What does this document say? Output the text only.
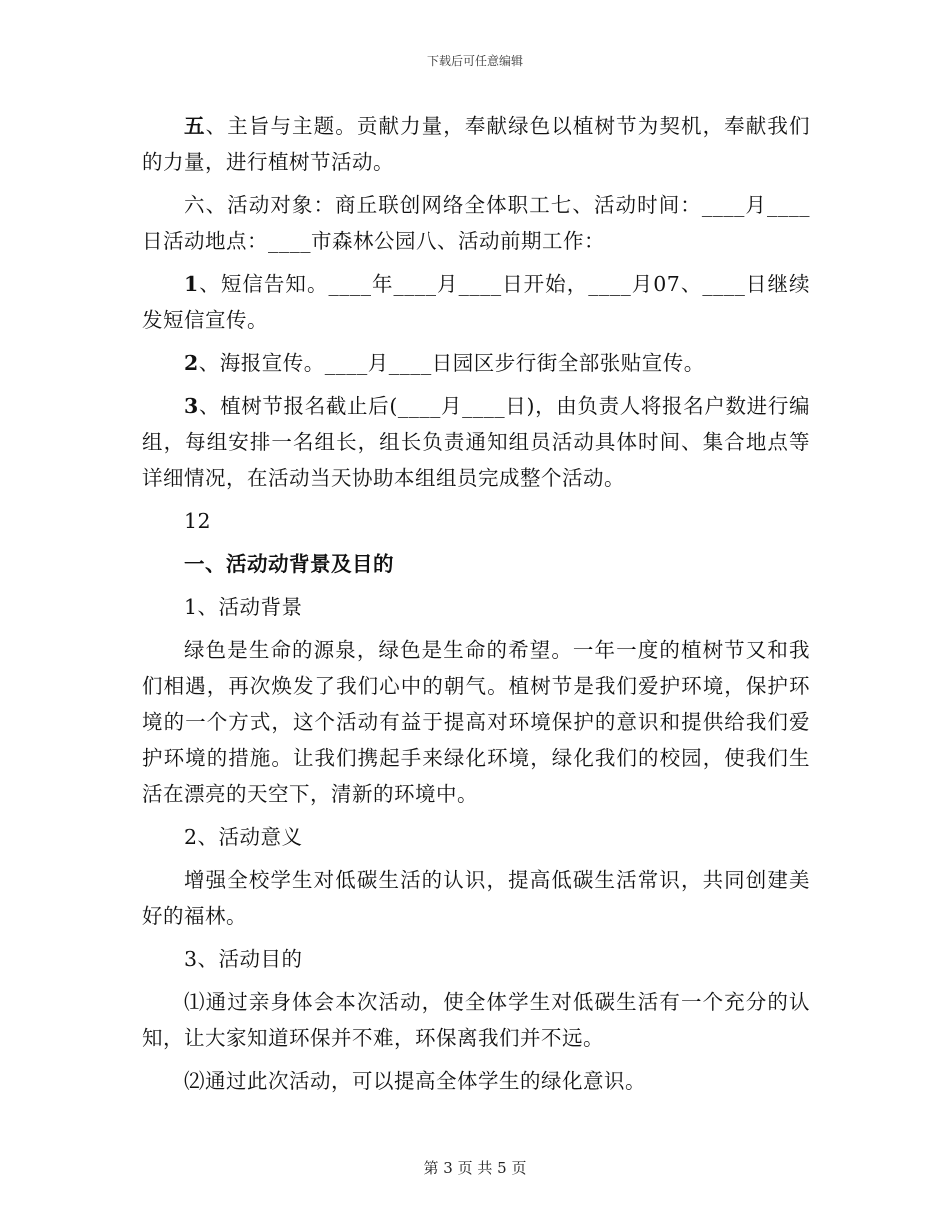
下载后可任意编辑

五、主旨与主题。贡献力量，奉献绿色以植树节为契机，奉献我们的力量，进行植树节活动。

六、活动对象：商丘联创网络全体职工七、活动时间：____月____日活动地点：____市森林公园八、活动前期工作：

1、短信告知。____年____月____日开始，____月07、____日继续发短信宣传。

2、海报宣传。____月____日园区步行街全部张贴宣传。

3、植树节报名截止后(____月____日)，由负责人将报名户数进行编组，每组安排一名组长，组长负责通知组员活动具体时间、集合地点等详细情况，在活动当天协助本组组员完成整个活动。

12

一、活动动背景及目的

1、活动背景

绿色是生命的源泉，绿色是生命的希望。一年一度的植树节又和我们相遇，再次焕发了我们心中的朝气。植树节是我们爱护环境，保护环境的一个方式，这个活动有益于提高对环境保护的意识和提供给我们爱护环境的措施。让我们携起手来绿化环境，绿化我们的校园，使我们生活在漂亮的天空下，清新的环境中。

2、活动意义

增强全校学生对低碳生活的认识，提高低碳生活常识，共同创建美好的福林。

3、活动目的

⑴通过亲身体会本次活动，使全体学生对低碳生活有一个充分的认知，让大家知道环保并不难，环保离我们并不远。

⑵通过此次活动，可以提高全体学生的绿化意识。

第 3 页 共 5 页
